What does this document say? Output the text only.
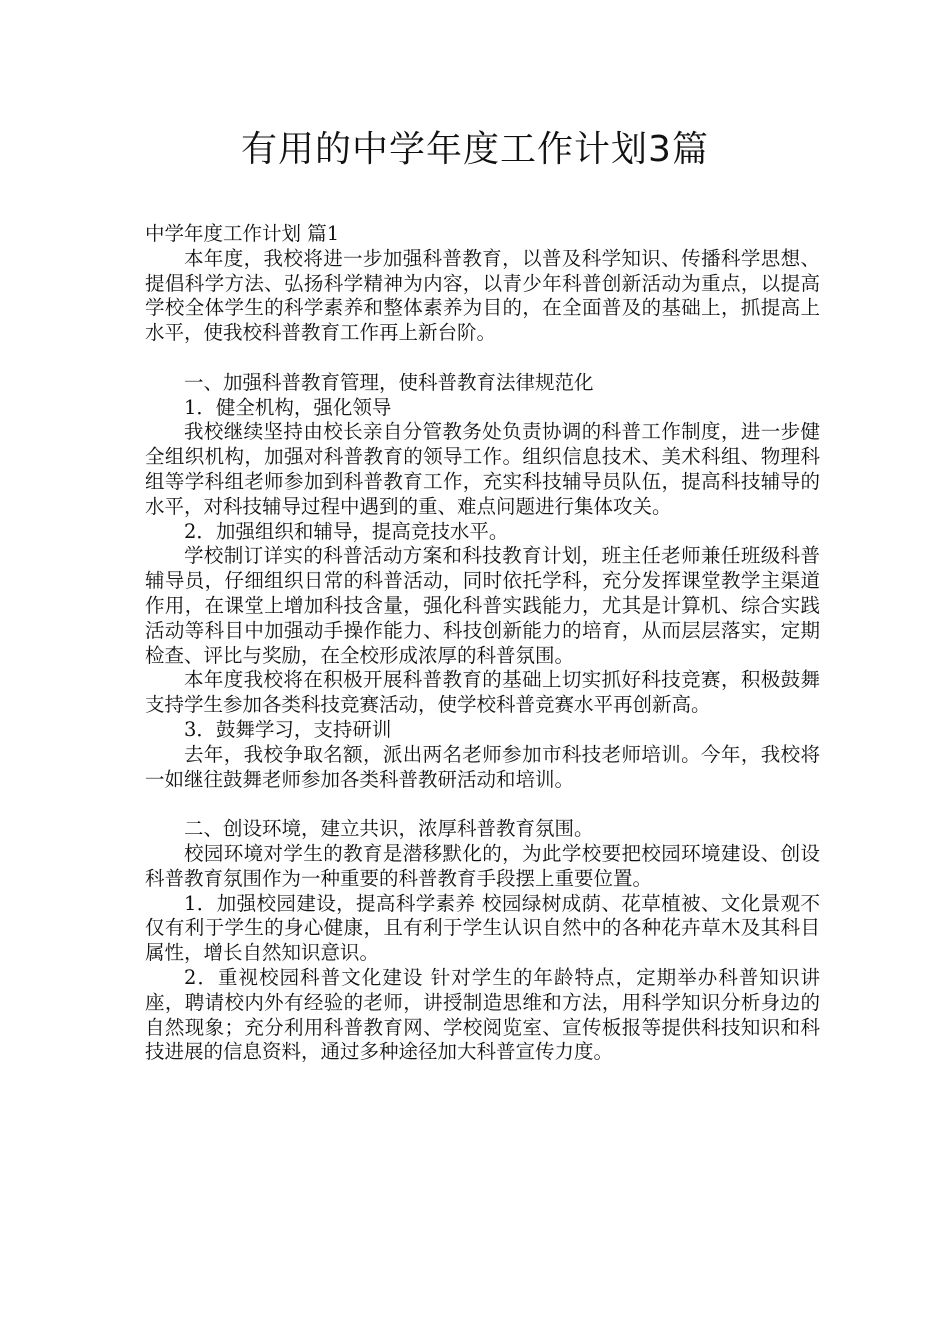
有用的中学年度工作计划3篇

中学年度工作计划 篇1

本年度，我校将进一步加强科普教育，以普及科学知识、传播科学思想、提倡科学方法、弘扬科学精神为内容，以青少年科普创新活动为重点，以提高学校全体学生的科学素养和整体素养为目的，在全面普及的基础上，抓提高上水平，使我校科普教育工作再上新台阶。

一、加强科普教育管理，使科普教育法律规范化

1．健全机构，强化领导

我校继续坚持由校长亲自分管教务处负责协调的科普工作制度，进一步健全组织机构，加强对科普教育的领导工作。组织信息技术、美术科组、物理科组等学科组老师参加到科普教育工作，充实科技辅导员队伍，提高科技辅导的水平，对科技辅导过程中遇到的重、难点问题进行集体攻关。

2．加强组织和辅导，提高竞技水平。

学校制订详实的科普活动方案和科技教育计划，班主任老师兼任班级科普辅导员，仔细组织日常的科普活动，同时依托学科，充分发挥课堂教学主渠道作用，在课堂上增加科技含量，强化科普实践能力，尤其是计算机、综合实践活动等科目中加强动手操作能力、科技创新能力的培育，从而层层落实，定期检查、评比与奖励，在全校形成浓厚的科普氛围。

本年度我校将在积极开展科普教育的基础上切实抓好科技竞赛，积极鼓舞支持学生参加各类科技竞赛活动，使学校科普竞赛水平再创新高。

3．鼓舞学习，支持研训

去年，我校争取名额，派出两名老师参加市科技老师培训。今年，我校将一如继往鼓舞老师参加各类科普教研活动和培训。

二、创设环境，建立共识，浓厚科普教育氛围。

校园环境对学生的教育是潜移默化的，为此学校要把校园环境建设、创设科普教育氛围作为一种重要的科普教育手段摆上重要位置。

1．加强校园建设，提高科学素养 校园绿树成荫、花草植被、文化景观不仅有利于学生的身心健康，且有利于学生认识自然中的各种花卉草木及其科目属性，增长自然知识意识。

2．重视校园科普文化建设 针对学生的年龄特点，定期举办科普知识讲座，聘请校内外有经验的老师，讲授制造思维和方法，用科学知识分析身边的自然现象；充分利用科普教育网、学校阅览室、宣传板报等提供科技知识和科技进展的信息资料，通过多种途径加大科普宣传力度。
